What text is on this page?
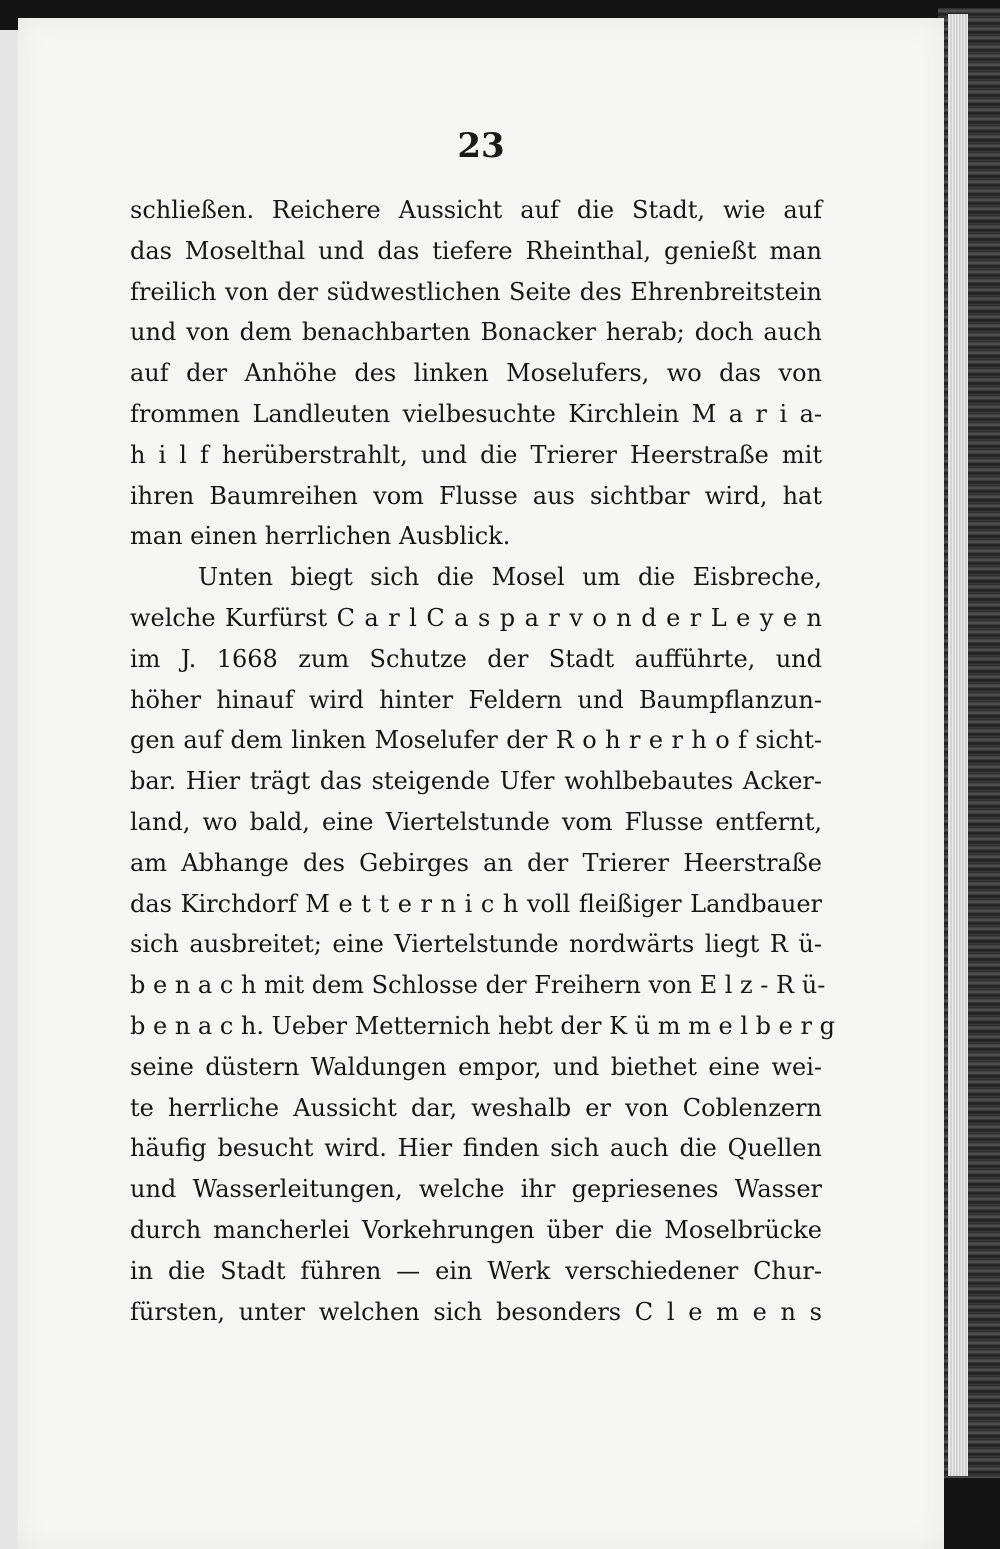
23
schließen. Reichere Aussicht auf die Stadt, wie auf
das Moselthal und das tiefere Rheinthal, genießt man
freilich von der südwestlichen Seite des Ehrenbreitstein
und von dem benachbarten Bonacker herab; doch auch
auf der Anhöhe des linken Moselufers, wo das von
frommen Landleuten vielbesuchte Kirchlein M a r i a-
h i l f herüberstrahlt, und die Trierer Heerstraße mit
ihren Baumreihen vom Flusse aus sichtbar wird, hat
man einen herrlichen Ausblick.
Unten biegt sich die Mosel um die Eisbreche,
welche Kurfürst C a r l C a s p a r v o n d e r L e y e n
im J. 1668 zum Schutze der Stadt aufführte, und
höher hinauf wird hinter Feldern und Baumpflanzun-
gen auf dem linken Moselufer der R o h r e r h o f sicht-
bar. Hier trägt das steigende Ufer wohlbebautes Acker-
land, wo bald, eine Viertelstunde vom Flusse entfernt,
am Abhange des Gebirges an der Trierer Heerstraße
das Kirchdorf M e t t e r n i c h voll fleißiger Landbauer
sich ausbreitet; eine Viertelstunde nordwärts liegt R ü-
b e n a c h mit dem Schlosse der Freihern von E l z - R ü-
b e n a c h. Ueber Metternich hebt der K ü m m e l b e r g
seine düstern Waldungen empor, und biethet eine wei-
te herrliche Aussicht dar, weshalb er von Coblenzern
häufig besucht wird. Hier finden sich auch die Quellen
und Wasserleitungen, welche ihr gepriesenes Wasser
durch mancherlei Vorkehrungen über die Moselbrücke
in die Stadt führen — ein Werk verschiedener Chur-
fürsten, unter welchen sich besonders C l e m e n s
